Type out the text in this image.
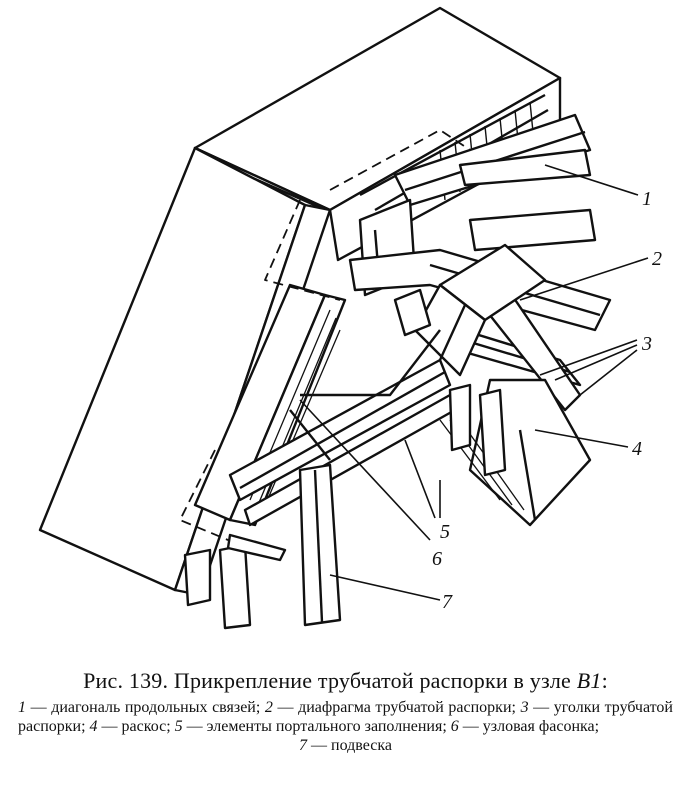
1
2
3
4
5
6
7

Рис. 139. Прикрепление трубчатой распорки в узле B1:

1 — диагональ продольных связей; 2 — диафрагма трубчатой распорки; 3 — уголки трубчатой распорки; 4 — раскос; 5 — элементы портального заполнения; 6 — узловая фасонка;
7 — подвеска
